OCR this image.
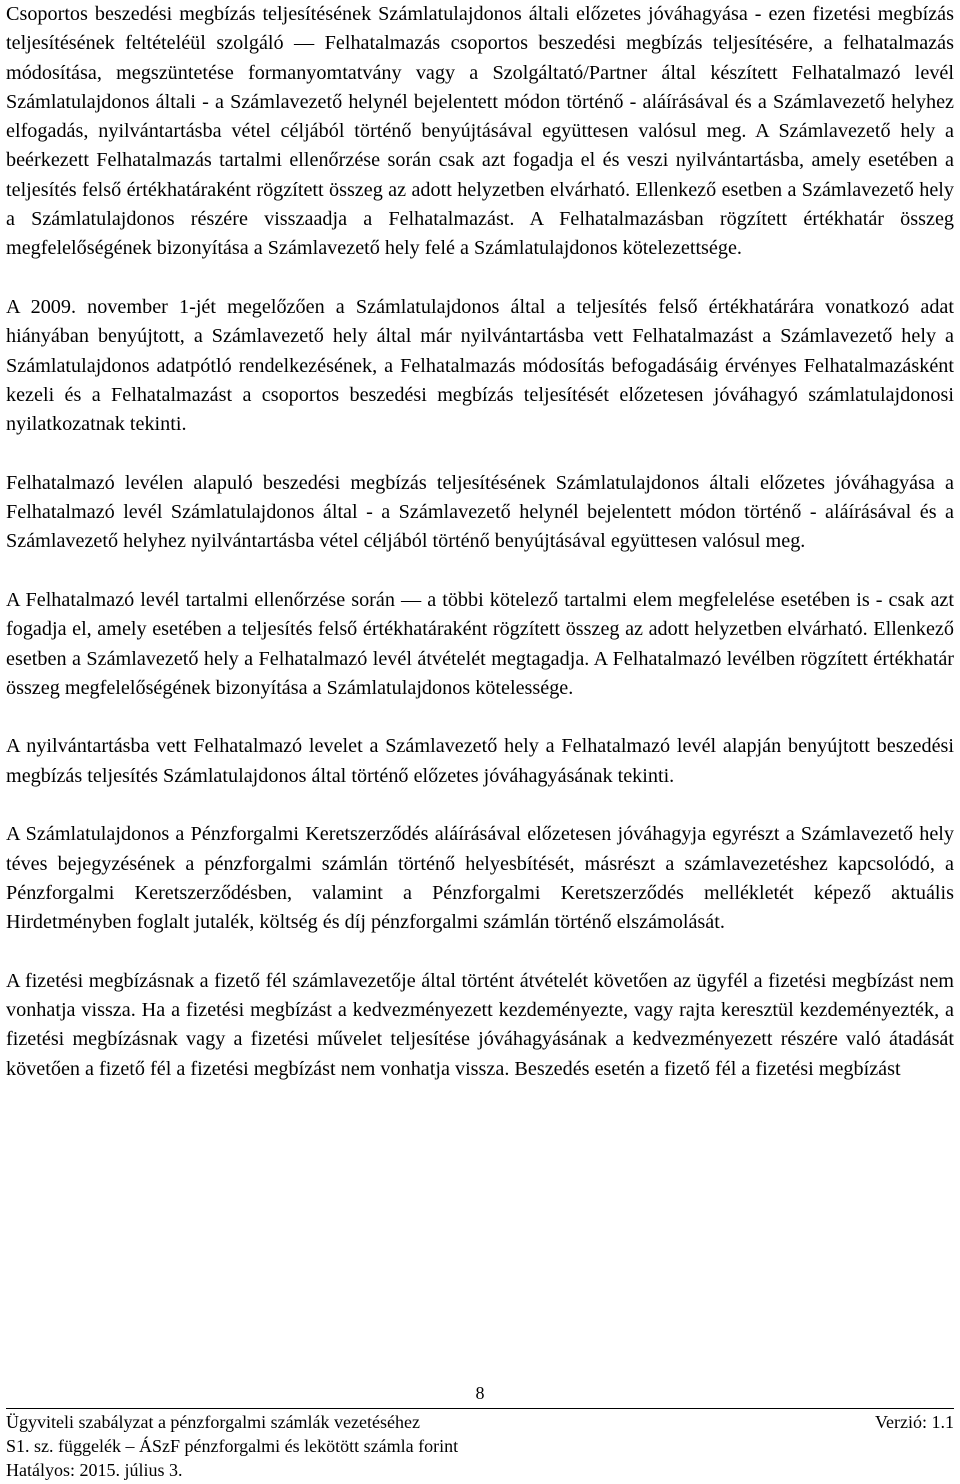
Csoportos beszedési megbízás teljesítésének Számlatulajdonos általi előzetes jóváhagyása - ezen fizetési megbízás teljesítésének feltételéül szolgáló ― Felhatalmazás csoportos beszedési megbízás teljesítésére, a felhatalmazás módosítása, megszüntetése formanyomtatvány vagy a Szolgáltató/Partner által készített Felhatalmazó levél Számlatulajdonos általi - a Számlavezető helynél bejelentett módon történő - aláírásával és a Számlavezető helyhez elfogadás, nyilvántartásba vétel céljából történő benyújtásával együttesen valósul meg. A Számlavezető hely a beérkezett Felhatalmazás tartalmi ellenőrzése során csak azt fogadja el és veszi nyilvántartásba, amely esetében a teljesítés felső értékhatáraként rögzített összeg az adott helyzetben elvárható. Ellenkező esetben a Számlavezető hely a Számlatulajdonos részére visszaadja a Felhatalmazást. A Felhatalmazásban rögzített értékhatár összeg megfelelőségének bizonyítása a Számlavezető hely felé a Számlatulajdonos kötelezettsége.

A 2009. november 1-jét megelőzően a Számlatulajdonos által a teljesítés felső értékhatárára vonatkozó adat hiányában benyújtott, a Számlavezető hely által már nyilvántartásba vett Felhatalmazást a Számlavezető hely a Számlatulajdonos adatpótló rendelkezésének, a Felhatalmazás módosítás befogadásáig érvényes Felhatalmazásként kezeli és a Felhatalmazást a csoportos beszedési megbízás teljesítését előzetesen jóváhagyó számlatulajdonosi nyilatkozatnak tekinti.

Felhatalmazó levélen alapuló beszedési megbízás teljesítésének Számlatulajdonos általi előzetes jóváhagyása a Felhatalmazó levél Számlatulajdonos által - a Számlavezető helynél bejelentett módon történő - aláírásával és a Számlavezető helyhez nyilvántartásba vétel céljából történő benyújtásával együttesen valósul meg.

A Felhatalmazó levél tartalmi ellenőrzése során ― a többi kötelező tartalmi elem megfelelése esetében is - csak azt fogadja el, amely esetében a teljesítés felső értékhatáraként rögzített összeg az adott helyzetben elvárható. Ellenkező esetben a Számlavezető hely a Felhatalmazó levél átvételét megtagadja. A Felhatalmazó levélben rögzített értékhatár összeg megfelelőségének bizonyítása a Számlatulajdonos kötelessége.

A nyilvántartásba vett Felhatalmazó levelet a Számlavezető hely a Felhatalmazó levél alapján benyújtott beszedési megbízás teljesítés Számlatulajdonos által történő előzetes jóváhagyásának tekinti.

A Számlatulajdonos a Pénzforgalmi Keretszerződés aláírásával előzetesen jóváhagyja egyrészt a Számlavezető hely téves bejegyzésének a pénzforgalmi számlán történő helyesbítését, másrészt a számlavezetéshez kapcsolódó, a Pénzforgalmi Keretszerződésben, valamint a Pénzforgalmi Keretszerződés mellékletét képező aktuális Hirdetményben foglalt jutalék, költség és díj pénzforgalmi számlán történő elszámolását.

A fizetési megbízásnak a fizető fél számlavezetője által történt átvételét követően az ügyfél a fizetési megbízást nem vonhatja vissza. Ha a fizetési megbízást a kedvezményezett kezdeményezte, vagy rajta keresztül kezdeményezték, a fizetési megbízásnak vagy a fizetési művelet teljesítése jóváhagyásának a kedvezményezett részére való átadását követően a fizető fél a fizetési megbízást nem vonhatja vissza. Beszedés esetén a fizető fél a fizetési megbízást

8
Ügyviteli szabályzat a pénzforgalmi számlák vezetéséhez	Verzió: 1.1
S1. sz. függelék – ÁSzF pénzforgalmi és lekötött számla forint
Hatályos: 2015. július 3.
